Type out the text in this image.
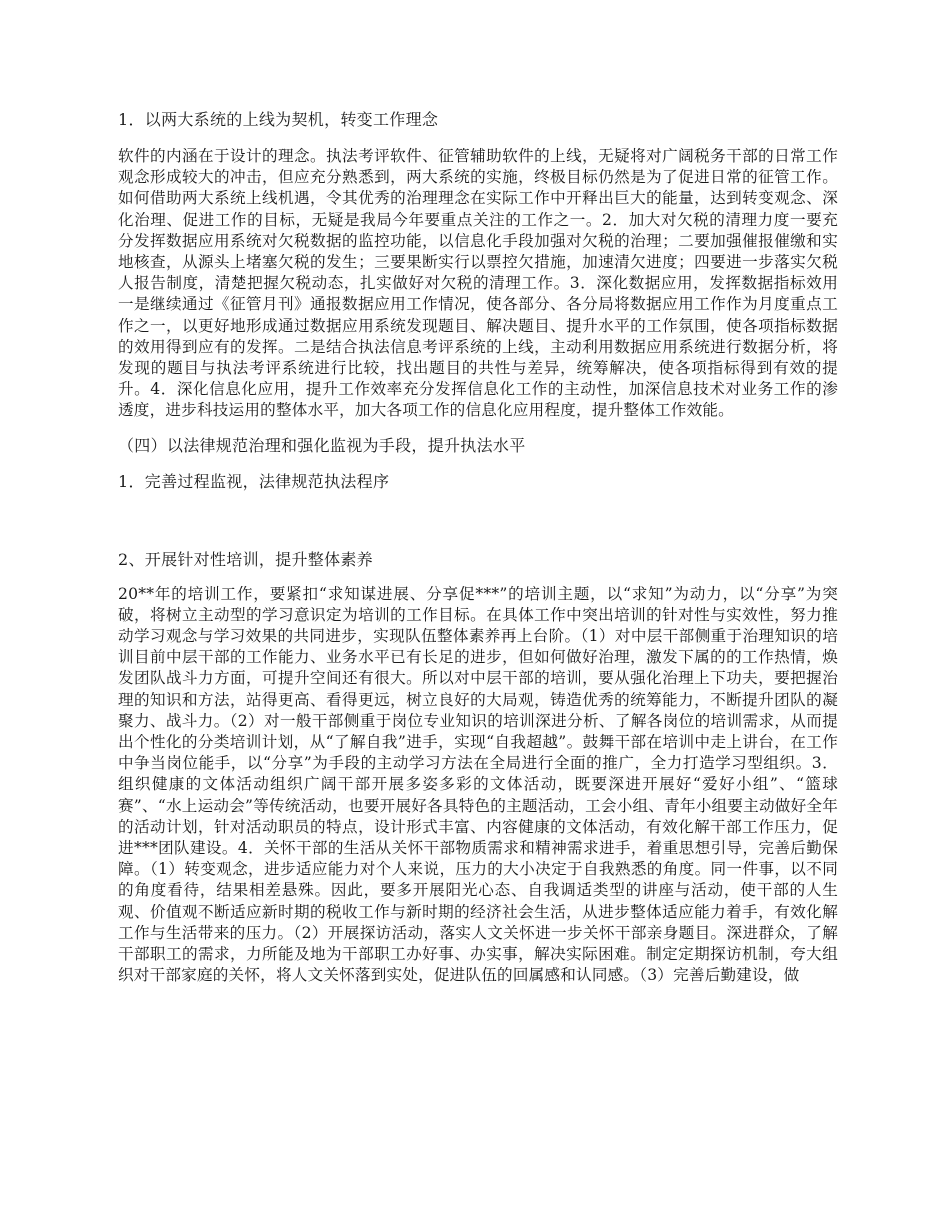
1．以两大系统的上线为契机，转变工作理念

软件的内涵在于设计的理念。执法考评软件、征管辅助软件的上线，无疑将对广阔税务干部的日常工作观念形成较大的冲击，但应充分熟悉到，两大系统的实施，终极目标仍然是为了促进日常的征管工作。如何借助两大系统上线机遇，令其优秀的治理理念在实际工作中开释出巨大的能量，达到转变观念、深化治理、促进工作的目标，无疑是我局今年要重点关注的工作之一。2．加大对欠税的清理力度一要充分发挥数据应用系统对欠税数据的监控功能，以信息化手段加强对欠税的治理；二要加强催报催缴和实地核查，从源头上堵塞欠税的发生；三要果断实行以票控欠措施，加速清欠进度；四要进一步落实欠税人报告制度，清楚把握欠税动态，扎实做好对欠税的清理工作。3．深化数据应用，发挥数据指标效用一是继续通过《征管月刊》通报数据应用工作情况，使各部分、各分局将数据应用工作作为月度重点工作之一，以更好地形成通过数据应用系统发现题目、解决题目、提升水平的工作氛围，使各项指标数据的效用得到应有的发挥。二是结合执法信息考评系统的上线，主动利用数据应用系统进行数据分析，将发现的题目与执法考评系统进行比较，找出题目的共性与差异，统筹解决，使各项指标得到有效的提升。4．深化信息化应用，提升工作效率充分发挥信息化工作的主动性，加深信息技术对业务工作的渗透度，进步科技运用的整体水平，加大各项工作的信息化应用程度，提升整体工作效能。

（四）以法律规范治理和强化监视为手段，提升执法水平

1．完善过程监视，法律规范执法程序

2、开展针对性培训，提升整体素养

20**年的培训工作，要紧扣“求知谋进展、分享促***”的培训主题，以“求知”为动力，以“分享”为突破，将树立主动型的学习意识定为培训的工作目标。在具体工作中突出培训的针对性与实效性，努力推动学习观念与学习效果的共同进步，实现队伍整体素养再上台阶。（1）对中层干部侧重于治理知识的培训目前中层干部的工作能力、业务水平已有长足的进步，但如何做好治理，激发下属的的工作热情，焕发团队战斗力方面，可提升空间还有很大。所以对中层干部的培训，要从强化治理上下功夫，要把握治理的知识和方法，站得更高、看得更远，树立良好的大局观，铸造优秀的统筹能力，不断提升团队的凝聚力、战斗力。（2）对一般干部侧重于岗位专业知识的培训深进分析、了解各岗位的培训需求，从而提出个性化的分类培训计划，从“了解自我”进手，实现“自我超越”。鼓舞干部在培训中走上讲台，在工作中争当岗位能手，以“分享”为手段的主动学习方法在全局进行全面的推广，全力打造学习型组织。3．组织健康的文体活动组织广阔干部开展多姿多彩的文体活动，既要深进开展好“爱好小组”、“篮球赛”、“水上运动会”等传统活动，也要开展好各具特色的主题活动，工会小组、青年小组要主动做好全年的活动计划，针对活动职员的特点，设计形式丰富、内容健康的文体活动，有效化解干部工作压力，促进***团队建设。4．关怀干部的生活从关怀干部物质需求和精神需求进手，着重思想引导，完善后勤保障。（1）转变观念，进步适应能力对个人来说，压力的大小决定于自我熟悉的角度。同一件事，以不同的角度看待，结果相差悬殊。因此，要多开展阳光心态、自我调适类型的讲座与活动，使干部的人生观、价值观不断适应新时期的税收工作与新时期的经济社会生活，从进步整体适应能力着手，有效化解工作与生活带来的压力。（2）开展探访活动，落实人文关怀进一步关怀干部亲身题目。深进群众，了解干部职工的需求，力所能及地为干部职工办好事、办实事，解决实际困难。制定定期探访机制，夸大组织对干部家庭的关怀，将人文关怀落到实处，促进队伍的回属感和认同感。（3）完善后勤建设，做
